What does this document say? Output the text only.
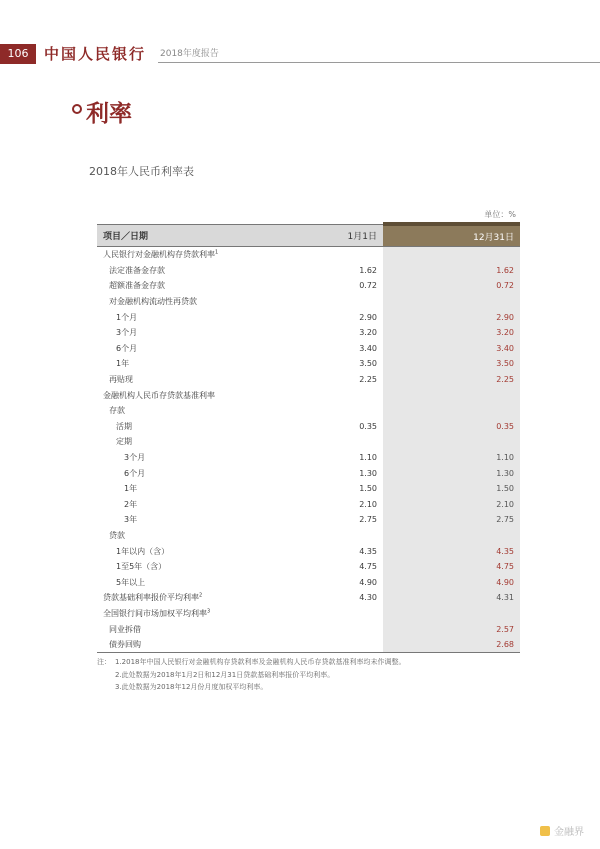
106	中国人民银行 2018年度报告
利率
2018年人民币利率表
单位：%
项目／日期	1月1日	12月31日
人民银行对金融机构存贷款利率$^1$		
法定准备金存款	1.62	1.62
超额准备金存款	0.72	0.72
对金融机构流动性再贷款		
1个月	2.90	2.90
3个月	3.20	3.20
6个月	3.40	3.40
1年	3.50	3.50
再贴现	2.25	2.25
金融机构人民币存贷款基准利率		
存款		
活期	0.35	0.35
定期		
3个月	1.10	1.10
6个月	1.30	1.30
1年	1.50	1.50
2年	2.10	2.10
3年	2.75	2.75
贷款		
1年以内（含）	4.35	4.35
1至5年（含）	4.75	4.75
5年以上	4.90	4.90
贷款基础利率报价平均利率$^2$	4.30	4.31
全国银行间市场加权平均利率$^3$		
同业拆借		2.57
债券回购		2.68
注： 1.2018年中国人民银行对金融机构存贷款利率及金融机构人民币存贷款基准利率均未作调整。
2.此处数据为2018年1月2日和12月31日贷款基础利率报价平均利率。
3.此处数据为2018年12月份月度加权平均利率。
金融界
